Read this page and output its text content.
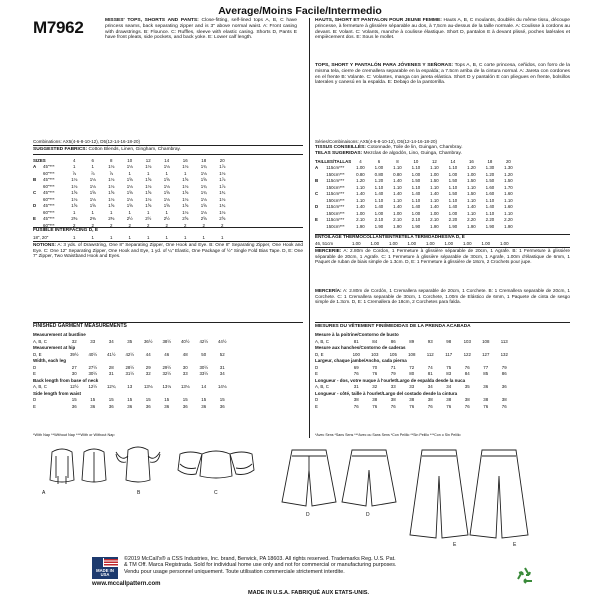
Average/Moins Facile/Intermedio
M7962	MISSES' TOPS, SHORTS AND PANTS: Close-fitting, self-lined tops A, B, C have princess seams, back separating zipper and is 3" above normal waist. A: Front casing with drawstrings. B: Flounce. C: Ruffles, sleeve with elastic casing. Shorts D, Pants E have front pleats, side pockets, and back yoke. E: Lower calf length.
HAUTS, SHORT ET PANTALON POUR JEUNE FEMME: Hauts A, B, C moulants, doublés du même tissu, découpe princesse, à fermeture à glissière séparable au dos, à 7,5cm au-dessus de la taille normale. A: Coulisse à cordons au devant. B: Volant. C: Volants, manche à coulisse élastique. Short D, pantalon E à devant plissé, poches latérales et empiècement dos. E: Sous le mollet.
TOPS, SHORT Y PANTALÓN PARA JÓVENES Y SEÑORAS: Tops A, B, C corte princesa, ceñidos, con forro de la misma tela, cierre de cremallera separable en la espalda; a 7.5cm arriba de la cintura normal. A: Jareta con cordones en el frente B: Volante. C: Volantes, manga con jareta elástica. Short D y pantalón E con pliegues en frente, bolsillos laterales y canesú en la espalda. E: Debajo de la pantorrilla.
Combinations: AX5(4-6-8-10-12), D5(12-14-16-18-20)
SUGGESTED FABRICS: Cotton Blends, Linen, Gingham, Chambray.
SIZES		4	6	8	10	12	14	16	18	20
A	45"***	1	1	1⅛	1⅛	1⅛	1⅛	1⅛	1¾	1⅞
	60"***	⅞	⅞	⅞	1	1	1	1	1⅛	1⅛
B	45"***	1⅛	1⅛	1⅛	1⅝	1⅝	1⅝	1⅝	1⅝	1⅞
	60"***	1⅛	1⅛	1⅛	1⅛	1⅛	1⅛	1⅛	1¾	1⅞
C	45"***	1⅝	1⅝	1⅝	1⅝	1⅝	1⅝	1⅝	1¾	1¾
	60"***	1⅛	1⅛	1⅛	1⅛	1⅛	1⅛	1⅛	1⅛	1⅛
D	45"***	1⅝	1⅝	1⅝	1⅝	1⅝	1⅝	1⅝	1⅝	1¾
	60"***	1	1	1	1	1	1	1⅛	1⅛	1⅛
E	45"***	2⅜	2⅜	2⅜	2½	2½	2½	2⅝	2⅝	2⅝
	60"***	2	2	2	2	2	2	2	2	2
FUSIBLE INTERFACING D, E
18", 20"	1	1	1	1	1	1	1	1	1
NOTIONS: A: 3 yds. of Drawstring, One 8" Separating Zipper, One Hook and Eye. B: One 8" Separating Zipper, One Hook and Eye. C: One 12" Separating Zipper, One Hook and Eye, 1 yd. of ¼" Elastic, One Package of ½" Single Fold Bias Tape. D, E: One 7" Zipper, Two Waistband Hook and Eyes.
FINISHED GARMENT MEASUREMENTS
Measurement at bustline
A, B, C	32	33	34	35	36½ 38½ 40½ 42½ 44½
Measurement at hip
D, E	39½ 40½ 41½ 42½	44	46	48	50	52
Width, each leg
D	27	27½	28	28½	29	29½	30	30½	31
E	30	30½	31	31½	32	32½	33	33½	34
Back length from base of neck
A, B, C	12½ 12½ 12¾	13	13⅛ 13⅛ 13⅛	14	14⅛
Side length from waist
D	15	15	15	15	15	15	15	15	15
E	36	36	36	36	36	36	36	36	36
*With Nap **Without Nap ***With or Without Nap
Séries/Combinaisons: AX5(4-6-8-10-12), D5(12-14-16-18-20)
TISSUS CONSEILLÉS: Cotonnade, Toile de lin, Guingan, Chambray.
TELAS SUGERIDAS: Mezclas de algodón, Lino, Guinga, Chambray.
TAILLES/TALLAS		4	6	8	10	12	14	16	18	20
A	115cm***	1.00	1.00	1.10	1.10	1.10	1.10	1.20	1.30	1.30
	150cm***	0.80	0.80	0.80	1.00	1.00	1.00	1.00	1.20	1.20
B	115cm***	1.20	1.20	1.40	1.50	1.50	1.50	1.50	1.50	1.50
	150cm***	1.10	1.10	1.10	1.10	1.10	1.10	1.10	1.60	1.70
C	115cm***	1.40	1.40	1.40	1.40	1.40	1.50	1.50	1.60	1.60
	150cm***	1.10	1.10	1.10	1.10	1.10	1.10	1.10	1.10	1.10
D	115cm***	1.40	1.40	1.40	1.40	1.40	1.40	1.40	1.40	1.60
	150cm***	1.00	1.00	1.00	1.00	1.00	1.00	1.10	1.10	1.10
E	115cm***	2.10	2.10	2.10	2.10	2.10	2.20	2.20	2.20	2.20
	150cm***	1.90	1.90	1.90	1.90	1.90	1.90	1.90	1.90	1.90
ENTOILAGE THERMOCOLLANT/ENTRETELA TERMOADHESIVA D, E
46, 51cm	1.00	1.00	1.00	1.00	1.00	1.00	1.00	1.00	1.00
MERCERIE: A: 2.80m de Cordon, 1 Fermeture à glissière séparable de 20cm, 1 Agrafe. B: 1 Fermeture à glissière séparable de 20cm, 1 Agrafe. C: 1 Fermeture à glissière séparable de 30cm, 1 Agrafe, 1.00m d'élastique de 6mm, 1 Paquet de ruban de biais simple de 1.3cm. D, E: 1 Fermeture à glissière de 18cm, 2 Crochets pour jupe.
MERCERÍA: A: 2.80m de Cordón, 1 Cremallera separable de 20cm, 1 Corchete. B: 1 Cremallera separable de 20cm, 1 Corchete. C: 1 Cremallera separable de 30cm, 1 Corchete, 1.00m de Elástico de 6mm, 1 Paquete de cinta de sesgo simple de 1.3cm. D, E: 1 Cremallera de 18cm, 2 Corchetes para falda.
MESURES DU VÊTEMENT FINI/MEDIDAS DE LA PRENDA ACABADA
Mesure à la poitrine/Contorno de busto
A, B, C	81	84	86	89	93	98	103	108	113
Mesure aux hanches/Contorno de caderas
D, E	100	103	105	108	112	117	122	127	132
Largeur, chaque jambe/Ancho, cada pierna
D	69	70	71	72	74	75	76	77	79
E	76	76	79	80	81	83	84	85	86
Longueur - dos, votre nuque à l'ourlet/Largo de espalda desde la nuca
A, B, C	31	32	33	33	34	34	35	36	36
Longueur - côté, taille à l'ourlet/Largo del costado desde la cintura
D	38	38	38	38	38	38	38	38	38
E	76	76	76	76	76	76	76	76	76
*Avec Sens *Sans Sens ***Avec ou Sans Sens *Con Pelillo **Sin Pelillo ***Con o Sin Pelillo
A	B	C
D	D
E	E
MADE IN USA
©2019 McCall's® a CSS Industries, Inc. brand, Berwick, PA 18603. All rights reserved. Trademarks Reg. U.S. Pat.
& TM Off. Marca Registrada. Sold for individual home use only and not for commercial or manufacturing purposes.
Vendu pour usage personnel uniquement. Toute utilisation commerciale strictement interdite.
www.mccallpattern.com
MADE IN U.S.A. FABRIQUÉ AUX ETATS-UNIS.
